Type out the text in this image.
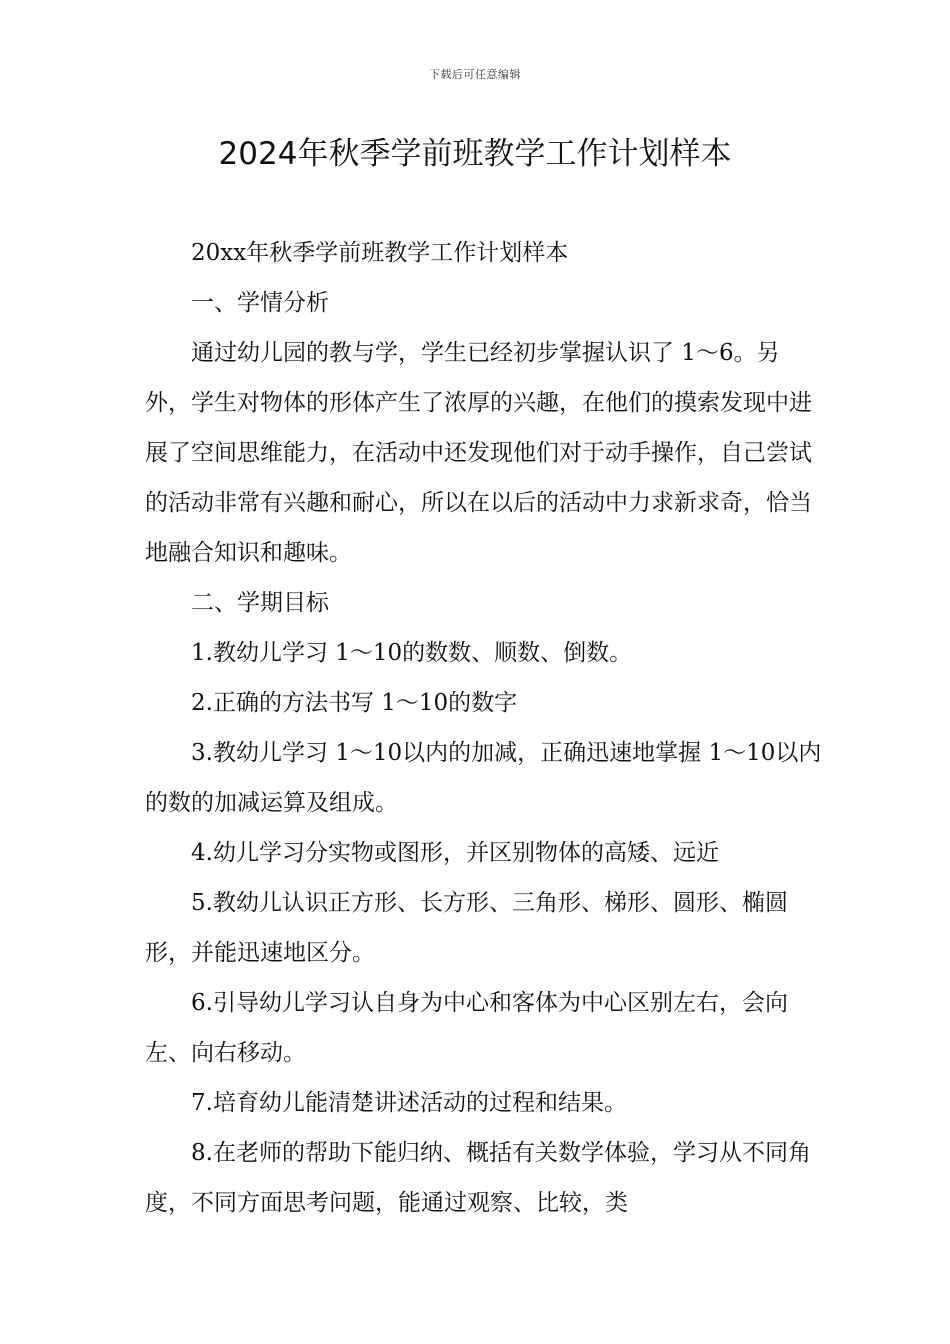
下载后可任意编辑
2024年秋季学前班教学工作计划样本

20xx年秋季学前班教学工作计划样本

一、学情分析

通过幼儿园的教与学，学生已经初步掌握认识了 1～6。另外，学生对物体的形体产生了浓厚的兴趣，在他们的摸索发现中进展了空间思维能力，在活动中还发现他们对于动手操作，自己尝试的活动非常有兴趣和耐心，所以在以后的活动中力求新求奇，恰当地融合知识和趣味。

二、学期目标

1.教幼儿学习 1～10的数数、顺数、倒数。

2.正确的方法书写 1～10的数字

3.教幼儿学习 1～10以内的加减，正确迅速地掌握 1～10以内的数的加减运算及组成。

4.幼儿学习分实物或图形，并区别物体的高矮、远近

5.教幼儿认识正方形、长方形、三角形、梯形、圆形、椭圆形，并能迅速地区分。

6.引导幼儿学习认自身为中心和客体为中心区别左右，会向左、向右移动。

7.培育幼儿能清楚讲述活动的过程和结果。

8.在老师的帮助下能归纳、概括有关数学体验，学习从不同角度，不同方面思考问题，能通过观察、比较，类
